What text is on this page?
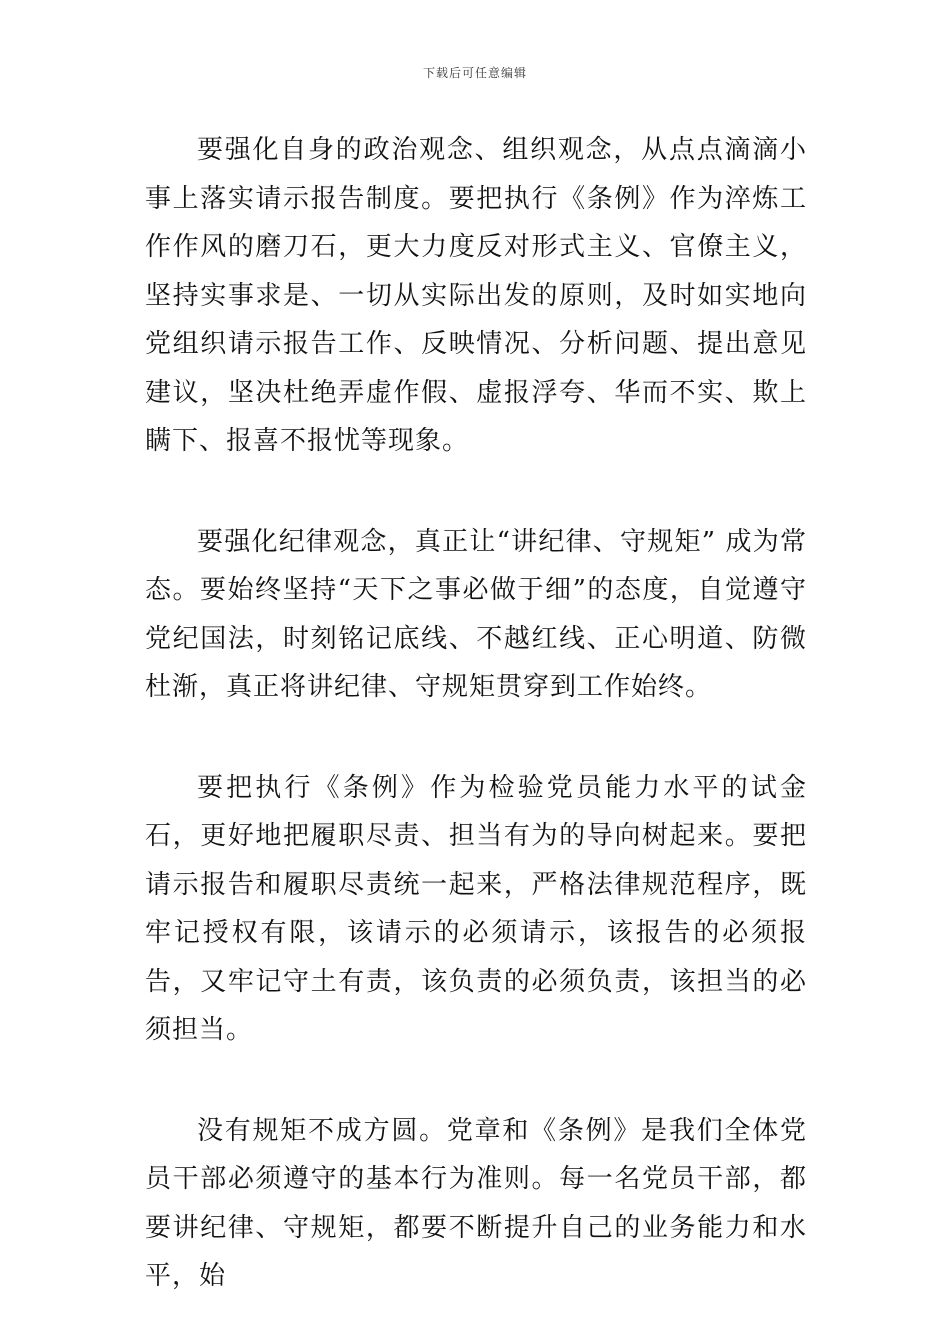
下载后可任意编辑

要强化自身的政治观念、组织观念，从点点滴滴小事上落实请示报告制度。要把执行《条例》作为淬炼工作作风的磨刀石，更大力度反对形式主义、官僚主义，坚持实事求是、一切从实际出发的原则，及时如实地向党组织请示报告工作、反映情况、分析问题、提出意见建议，坚决杜绝弄虚作假、虚报浮夸、华而不实、欺上瞒下、报喜不报忧等现象。

要强化纪律观念，真正让“讲纪律、守规矩” 成为常态。要始终坚持“天下之事必做于细”的态度，自觉遵守党纪国法，时刻铭记底线、不越红线、正心明道、防微杜渐，真正将讲纪律、守规矩贯穿到工作始终。

要把执行《条例》作为检验党员能力水平的试金石，更好地把履职尽责、担当有为的导向树起来。要把请示报告和履职尽责统一起来，严格法律规范程序，既牢记授权有限，该请示的必须请示，该报告的必须报告，又牢记守土有责，该负责的必须负责，该担当的必须担当。

没有规矩不成方圆。党章和《条例》是我们全体党员干部必须遵守的基本行为准则。每一名党员干部，都要讲纪律、守规矩，都要不断提升自己的业务能力和水平，始
